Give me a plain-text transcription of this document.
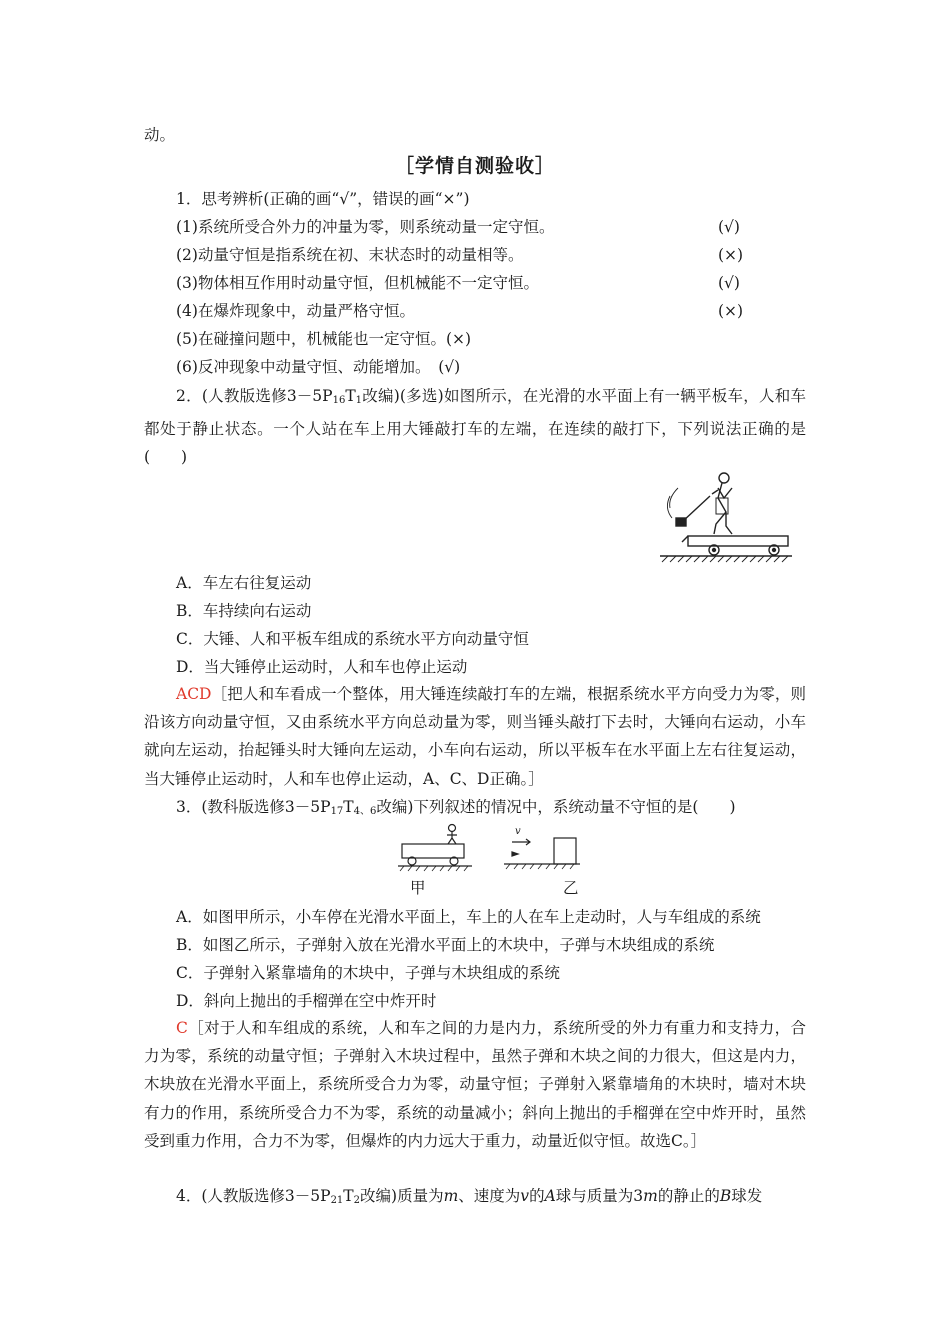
动。
［学情自测验收］
1．思考辨析(正确的画“√”，错误的画“×”)
(1)系统所受合外力的冲量为零，则系统动量一定守恒。	(√)
(2)动量守恒是指系统在初、末状态时的动量相等。	(×)
(3)物体相互作用时动量守恒，但机械能不一定守恒。	(√)
(4)在爆炸现象中，动量严格守恒。	(×)
(5)在碰撞问题中，机械能也一定守恒。(×)
(6)反冲现象中动量守恒、动能增加。　(√)
2．(人教版选修$3-5P_{16}T_1$改编)(多选)如图所示，在光滑的水平面上有一辆平板车，人和车都处于静止状态。一个人站在车上用大锤敲打车的左端，在连续的敲打下，下列说法正确的是(　　)
A．车左右往复运动
B．车持续向右运动
C．大锤、人和平板车组成的系统水平方向动量守恒
D．当大锤停止运动时，人和车也停止运动
ACD［把人和车看成一个整体，用大锤连续敲打车的左端，根据系统水平方向受力为零，则沿该方向动量守恒，又由系统水平方向总动量为零，则当锤头敲打下去时，大锤向右运动，小车就向左运动，抬起锤头时大锤向左运动，小车向右运动，所以平板车在水平面上左右往复运动，当大锤停止运动时，人和车也停止运动，A、C、D正确。］
3．(教科版选修$3-5P_{17}T_{4、6}$改编)下列叙述的情况中，系统动量不守恒的是(　　)
甲
v
乙
A．如图甲所示，小车停在光滑水平面上，车上的人在车上走动时，人与车组成的系统
B．如图乙所示，子弹射入放在光滑水平面上的木块中，子弹与木块组成的系统
C．子弹射入紧靠墙角的木块中，子弹与木块组成的系统
D．斜向上抛出的手榴弹在空中炸开时
C［对于人和车组成的系统，人和车之间的力是内力，系统所受的外力有重力和支持力，合力为零，系统的动量守恒；子弹射入木块过程中，虽然子弹和木块之间的力很大，但这是内力，木块放在光滑水平面上，系统所受合力为零，动量守恒；子弹射入紧靠墙角的木块时，墙对木块有力的作用，系统所受合力不为零，系统的动量减小；斜向上抛出的手榴弹在空中炸开时，虽然受到重力作用，合力不为零，但爆炸的内力远大于重力，动量近似守恒。故选C。］
4．(人教版选修$3-5P_{21}T_2$改编)质量为m、速度为v的A球与质量为3m的静止的B球发
